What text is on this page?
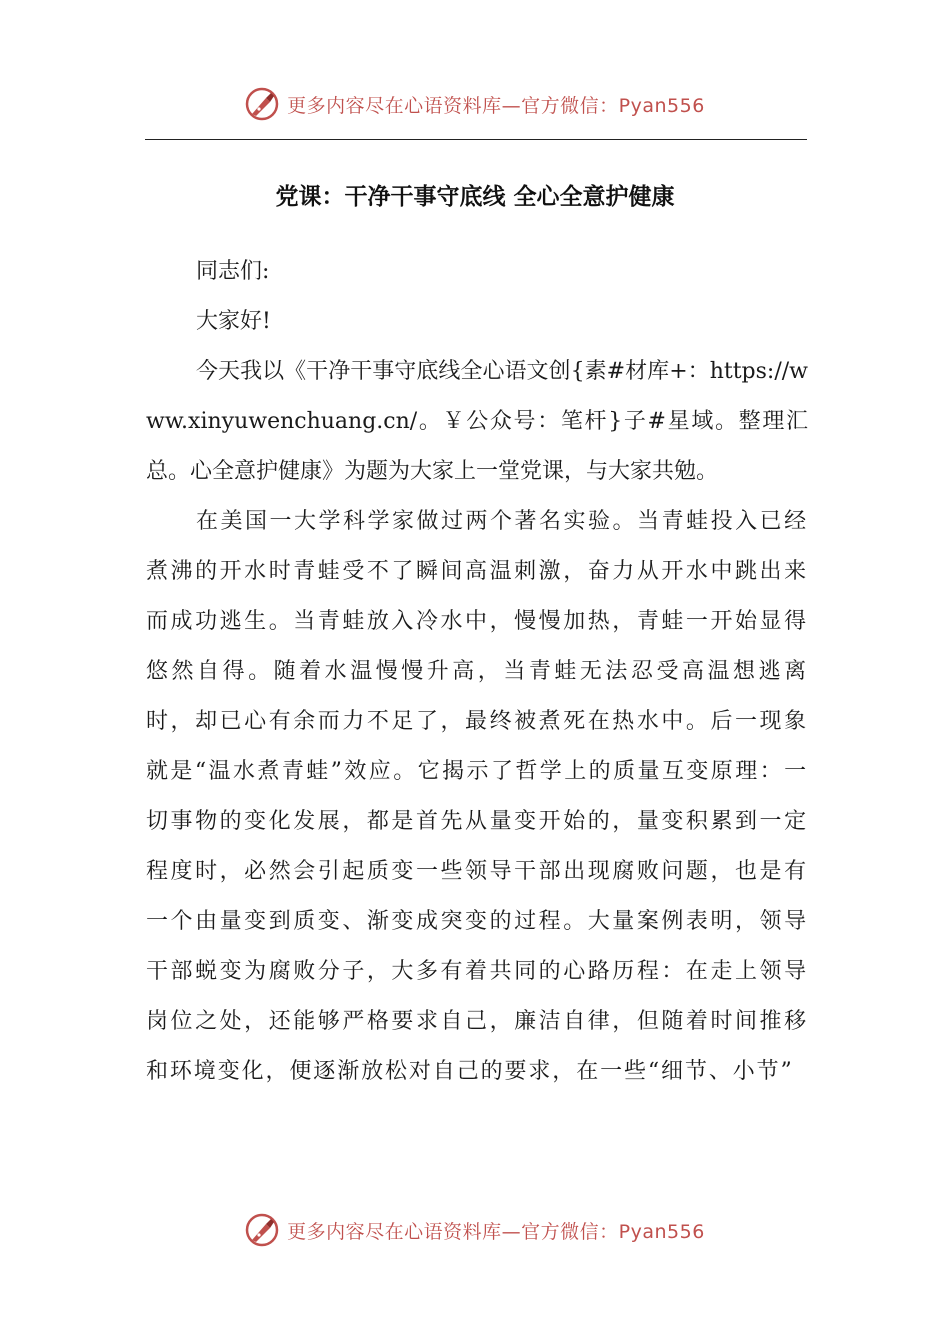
更多内容尽在心语资料库—官方微信：Pyan556
党课：干净干事守底线 全心全意护健康

同志们:

大家好!

今天我以《干净干事守底线全心语文创{素#材库+：https://www.xinyuwenchuang.cn/。￥公众号：笔杆}子#星域。整理汇总。心全意护健康》为题为大家上一堂党课，与大家共勉。

在美国一大学科学家做过两个著名实验。当青蛙投入已经煮沸的开水时青蛙受不了瞬间高温刺激，奋力从开水中跳出来而成功逃生。当青蛙放入冷水中，慢慢加热，青蛙一开始显得悠然自得。随着水温慢慢升高，当青蛙无法忍受高温想逃离时，却已心有余而力不足了，最终被煮死在热水中。后一现象就是“温水煮青蛙”效应。它揭示了哲学上的质量互变原理：一切事物的变化发展，都是首先从量变开始的，量变积累到一定程度时，必然会引起质变一些领导干部出现腐败问题，也是有一个由量变到质变、渐变成突变的过程。大量案例表明，领导干部蜕变为腐败分子，大多有着共同的心路历程：在走上领导岗位之处，还能够严格要求自己，廉洁自律，但随着时间推移和环境变化，便逐渐放松对自己的要求，在一些“细节、小节”

更多内容尽在心语资料库—官方微信：Pyan556
